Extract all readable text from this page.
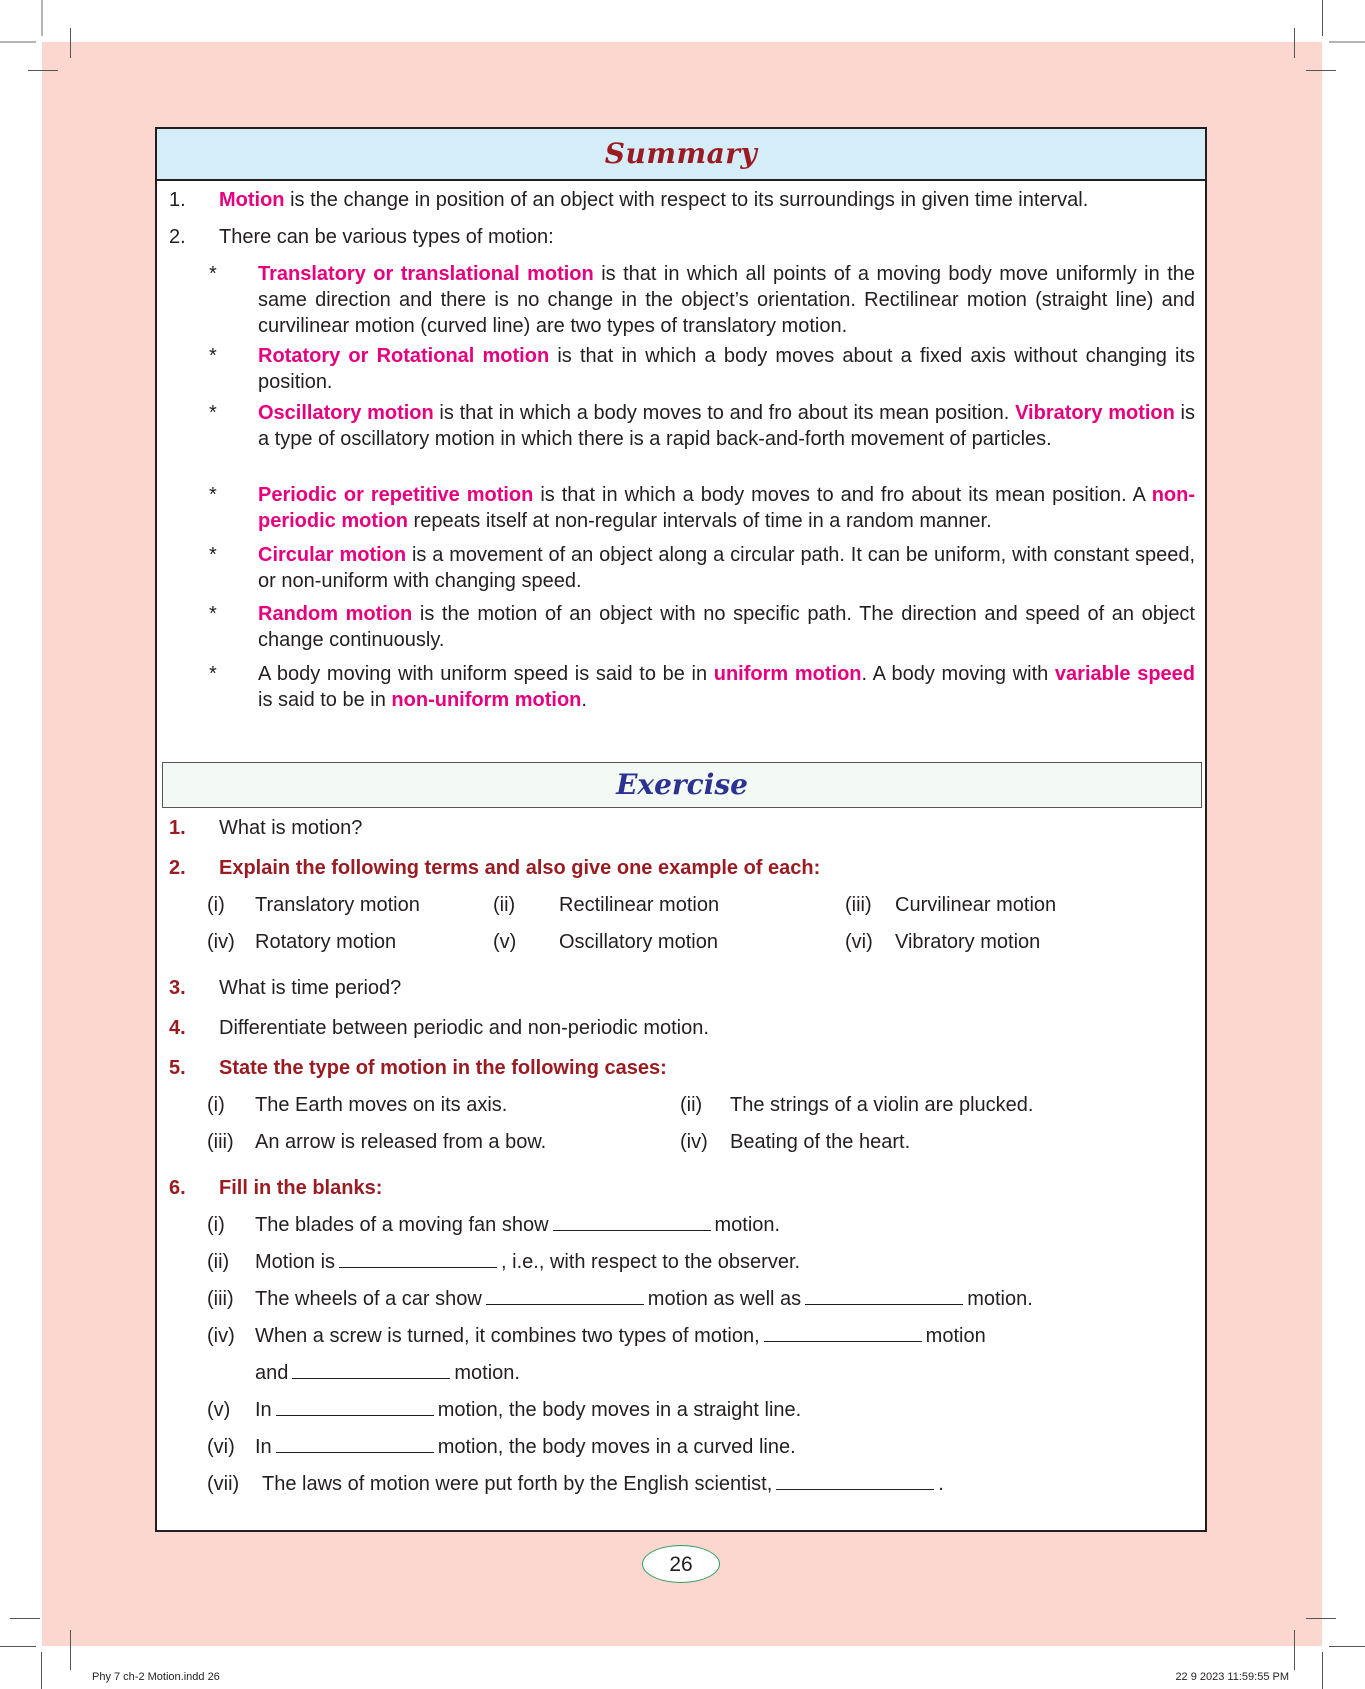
Summary
1.	Motion is the change in position of an object with respect to its surroundings in given time interval.
2.	There can be various types of motion:
*	Translatory or translational motion is that in which all points of a moving body move uniformly in the same direction and there is no change in the object’s orientation. Rectilinear motion (straight line) and curvilinear motion (curved line) are two types of translatory motion.
*	Rotatory or Rotational motion is that in which a body moves about a fixed axis without changing its position.
*	Oscillatory motion is that in which a body moves to and fro about its mean position. Vibratory motion is a type of oscillatory motion in which there is a rapid back-and-forth movement of particles.
*	Periodic or repetitive motion is that in which a body moves to and fro about its mean position. A non-periodic motion repeats itself at non-regular intervals of time in a random manner.
*	Circular motion is a movement of an object along a circular path. It can be uniform, with constant speed, or non-uniform with changing speed.
*	Random motion is the motion of an object with no specific path. The direction and speed of an object change continuously.
*	A body moving with uniform speed is said to be in uniform motion. A body moving with variable speed is said to be in non-uniform motion.
Exercise
1.	What is motion?
2.	Explain the following terms and also give one example of each:
(i) Translatory motion	(ii) Rectilinear motion	(iii) Curvilinear motion
(iv) Rotatory motion	(v) Oscillatory motion	(vi) Vibratory motion
3.	What is time period?
4.	Differentiate between periodic and non-periodic motion.
5.	State the type of motion in the following cases:
(i) The Earth moves on its axis.	(ii) The strings of a violin are plucked.
(iii) An arrow is released from a bow.	(iv) Beating of the heart.
6.	Fill in the blanks:
(i) The blades of a moving fan show	motion.
(ii) Motion is	, i.e., with respect to the observer.
(iii) The wheels of a car show	motion as well as	motion.
(iv) When a screw is turned, it combines two types of motion,	motion
and	motion.
(v) In	motion, the body moves in a straight line.
(vi) In	motion, the body moves in a curved line.
(vii) The laws of motion were put forth by the English scientist,	.
26
Phy 7 ch-2 Motion.indd 26	22 9 2023 11:59:55 PM
